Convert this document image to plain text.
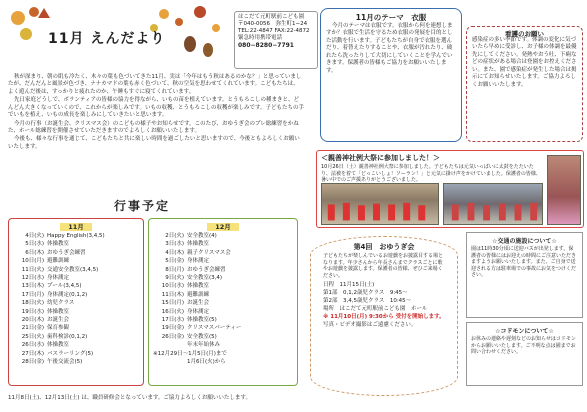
11月 えんだより
はこだて元町駅前こども園
〒040-0056　 弥生町1−24
TEL:22-4847 FAX:22-4872
緊急時用携帯電話
080−8280−7791

秋が深まり、朝の肌も冷たく、木々の葉も色づいてきた11月、実は「今年はもう秋はあるのかな？」と思っていましたが、だんだんと風景が色づき、ナナカマドの葉も赤く色づいて、秋の空気を思わせてくれています。こどもたちは、よく遊んだ後は、すっかりと疲れたのか、午睡もすぐに寝てくれています。

先日家庭どうしで、ボランティアの皆様の協力を得ながら、いもの苗を植えています。とうもろこしの種まきと、どんどん大きくなっていくので、これからが楽しみです。いもの収穫、とうもろこしの収穫が楽しみです。子どもたちの手でいもを植え、いもの成長を楽しみにしていきたいと思います。

今月の行事（お誕生会、クリスマス会）のこどもの様子やお知らせです。このたび、おゆうぎ会のプレ総練習をかねた、ホール総練習を開催させていただきますのでよろしくお願いいたします。

今後も、様々な行事を通じて、こどもたちと共に楽しい時間を過ごしたいと思いますので、今後ともよろしくお願いいたします。

11月のテーマ　衣服

今月のテーマは衣服です。衣服から何を連想しますか？衣服で生活を守るため衣服の発展を目的とした活動を行います。子どもたちが自身で衣服を選んだり、着替えたりすることや、衣服が汚れたり、破れたら洗ったりして大切にしていくことを学んでいきます。保護者の皆様もご協力をお願いいたします。

看護のお願い

感染症の多い季節です。体調の変化に気づいたら早めに受診し、お子様の体調を最優先にしてください。発熱やおう吐、下痢などの症状がある場合は登園をお控えください。また、園で感染症が発生した場合は掲示にてお知らせいたします。ご協力よろしくお願いいたします。

＜親善神社例大祭に参加しました！＞

10月26日（土）親善神社例大祭に参加しました。子どもたちは元気いっぱいに太鼓をたたいたり、法被を着て「どっこいしょ！ソーラン！」と元気に掛け声をかけていました。保護者の皆様、暑い中でのご声援ありがとうございました。

行事予定
11月
4日(火) Happy English(3,4,5)
5日(水) 体操教室
6日(木) おゆうぎ会練習
10日(月) 避難訓練
11日(火) 交通安全教室(3,4,5)
12日(水) 身体測定
13日(木) プール(3,4,5)
17日(月) 身体測定(0,1,2)
18日(火) 幼児クラス
19日(水) 体操教室
20日(木) お誕生会
21日(金) 保育参観
25日(火) 歯科検診(0,1,2)
26日(水) 体操教室
27日(木) バスラーリング(5)
28日(金) 午後交流会(5)
12月
2日(火) 安全教室(4)
3日(水) 体操教室
4日(木) 親子クリスマス会
5日(金) 身体測定
8日(月) おゆうぎ会練習
9日(火) 安全教室(3,4)
10日(水) 体操教室
11日(木) 避難訓練
15日(月) お誕生会
16日(火) 身体測定
17日(水) 体操教室(5)
19日(金) クリスマスパーティー
26日(金) 安全教室(5)
年末年始休み
※12月29日〜1月5日(月)まで
1月6日(火)から
第4回　おゆうぎ会

子どもたちが楽しんでいるお遊戯をお披露目する場となります。年少さんから年長さんまでクラスごとに歌やお遊戯を披露します。保護者の皆様、ぜひご来場ください。

日程　 11月15日(土)
第1部　0,1,2歳児クラス　9:45〜
第2部　3,4,5歳児クラス　10:45〜
場所　はこだて元町駅前こども園　ホール
※ 11月10日(月) 9:30から 受付を開始します。
写真・ビデオ撮影はご遠慮ください。
☆交通の施設について☆

園は11時30分頃に送迎バスが出発します。保護者の皆様にはお迎えの時間にご注意いただきますようお願いいたします。また、ご自身で送迎される方は駐車場での事故にお気をつけください。

☆コドモンについて☆

お休みの連絡や遅刻などのお知らせはコドモンからお願いいたします。ご不明な点は園までお問い合わせください。

11月8日(土)、12月13日(土) は、職員研修会となっています。ご協力よろしくお願いいたします。
